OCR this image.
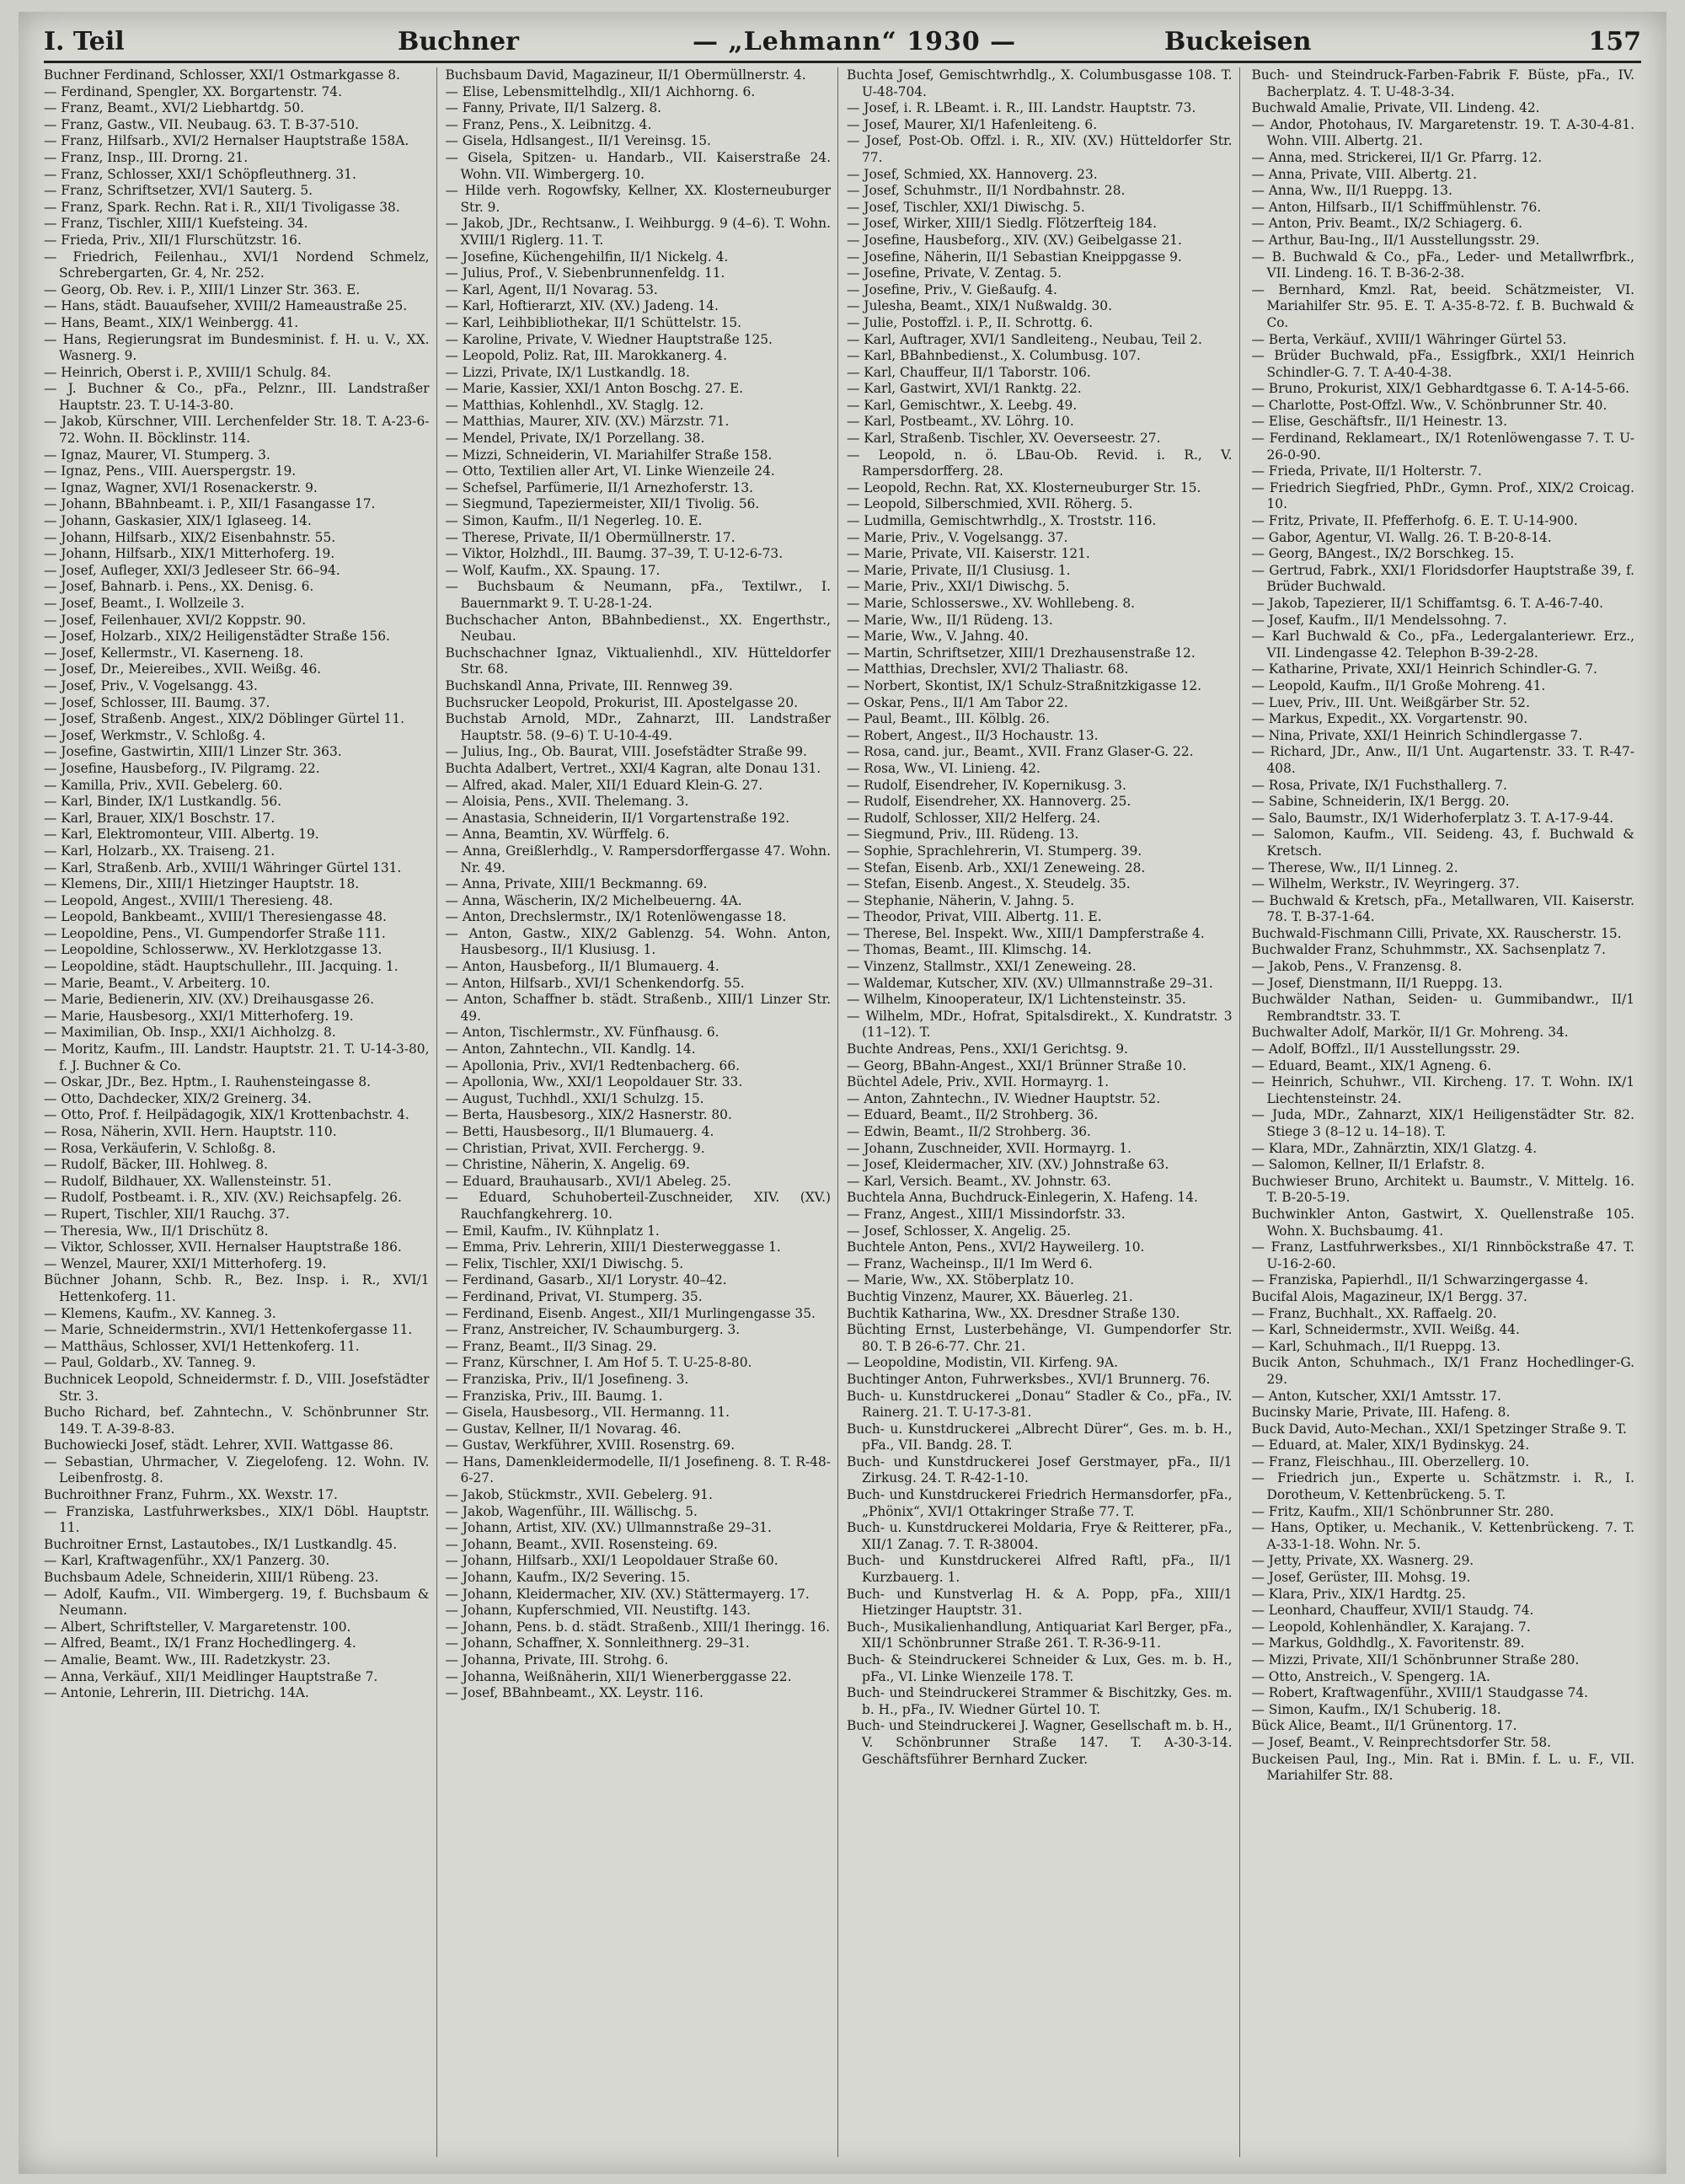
I. Teil	Buchner	— „Lehmann“ 1930 —	Buckeisen	157

Buchner Ferdinand, Schlosser, XXI/1 Ostmarkgasse 8.

— Ferdinand, Spengler, XX. Borgartenstr. 74.

— Franz, Beamt., XVI/2 Liebhartdg. 50.

— Franz, Gastw., VII. Neubaug. 63. T. B-37-510.

— Franz, Hilfsarb., XVI/2 Hernalser Hauptstraße 158A.

— Franz, Insp., III. Drorng. 21.

— Franz, Schlosser, XXI/1 Schöpfleuthnerg. 31.

— Franz, Schriftsetzer, XVI/1 Sauterg. 5.

— Franz, Spark. Rechn. Rat i. R., XII/1 Tivoligasse 38.

— Franz, Tischler, XIII/1 Kuefsteing. 34.

— Frieda, Priv., XII/1 Flurschützstr. 16.

— Friedrich, Feilenhau., XVI/1 Nordend Schmelz, Schrebergarten, Gr. 4, Nr. 252.

— Georg, Ob. Rev. i. P., XIII/1 Linzer Str. 363. E.

— Hans, städt. Bauaufseher, XVIII/2 Hameaustraße 25.

— Hans, Beamt., XIX/1 Weinbergg. 41.

— Hans, Regierungsrat im Bundesminist. f. H. u. V., XX. Wasnerg. 9.

— Heinrich, Oberst i. P., XVIII/1 Schulg. 84.

— J. Buchner & Co., pFa., Pelznr., III. Landstraßer Hauptstr. 23. T. U-14-3-80.

— Jakob, Kürschner, VIII. Lerchenfelder Str. 18. T. A-23-6-72. Wohn. II. Böcklinstr. 114.

— Ignaz, Maurer, VI. Stumperg. 3.

— Ignaz, Pens., VIII. Auerspergstr. 19.

— Ignaz, Wagner, XVI/1 Rosenackerstr. 9.

— Johann, BBahnbeamt. i. P., XII/1 Fasangasse 17.

— Johann, Gaskasier, XIX/1 Iglaseeg. 14.

— Johann, Hilfsarb., XIX/2 Eisenbahnstr. 55.

— Johann, Hilfsarb., XIX/1 Mitterhoferg. 19.

— Josef, Aufleger, XXI/3 Jedleseer Str. 66–94.

— Josef, Bahnarb. i. Pens., XX. Denisg. 6.

— Josef, Beamt., I. Wollzeile 3.

— Josef, Feilenhauer, XVI/2 Koppstr. 90.

— Josef, Holzarb., XIX/2 Heiligenstädter Straße 156.

— Josef, Kellermstr., VI. Kaserneng. 18.

— Josef, Dr., Meiereibes., XVII. Weißg. 46.

— Josef, Priv., V. Vogelsangg. 43.

— Josef, Schlosser, III. Baumg. 37.

— Josef, Straßenb. Angest., XIX/2 Döblinger Gürtel 11.

— Josef, Werkmstr., V. Schloßg. 4.

— Josefine, Gastwirtin, XIII/1 Linzer Str. 363.

— Josefine, Hausbeforg., IV. Pilgramg. 22.

— Kamilla, Priv., XVII. Gebelerg. 60.

— Karl, Binder, IX/1 Lustkandlg. 56.

— Karl, Brauer, XIX/1 Boschstr. 17.

— Karl, Elektromonteur, VIII. Albertg. 19.

— Karl, Holzarb., XX. Traiseng. 21.

— Karl, Straßenb. Arb., XVIII/1 Währinger Gürtel 131.

— Klemens, Dir., XIII/1 Hietzinger Hauptstr. 18.

— Leopold, Angest., XVIII/1 Theresieng. 48.

— Leopold, Bankbeamt., XVIII/1 Theresiengasse 48.

— Leopoldine, Pens., VI. Gumpendorfer Straße 111.

— Leopoldine, Schlosserww., XV. Herklotzgasse 13.

— Leopoldine, städt. Hauptschullehr., III. Jacquing. 1.

— Marie, Beamt., V. Arbeiterg. 10.

— Marie, Bedienerin, XIV. (XV.) Dreihausgasse 26.

— Marie, Hausbesorg., XXI/1 Mitterhoferg. 19.

— Maximilian, Ob. Insp., XXI/1 Aichholzg. 8.

— Moritz, Kaufm., III. Landstr. Hauptstr. 21. T. U-14-3-80, f. J. Buchner & Co.

— Oskar, JDr., Bez. Hptm., I. Rauhensteingasse 8.

— Otto, Dachdecker, XIX/2 Greinerg. 34.

— Otto, Prof. f. Heilpädagogik, XIX/1 Krottenbachstr. 4.

— Rosa, Näherin, XVII. Hern. Hauptstr. 110.

— Rosa, Verkäuferin, V. Schloßg. 8.

— Rudolf, Bäcker, III. Hohlweg. 8.

— Rudolf, Bildhauer, XX. Wallensteinstr. 51.

— Rudolf, Postbeamt. i. R., XIV. (XV.) Reichsapfelg. 26.

— Rupert, Tischler, XII/1 Rauchg. 37.

— Theresia, Ww., II/1 Drischütz 8.

— Viktor, Schlosser, XVII. Hernalser Hauptstraße 186.

— Wenzel, Maurer, XXI/1 Mitterhoferg. 19.

Büchner Johann, Schb. R., Bez. Insp. i. R., XVI/1 Hettenkoferg. 11.

— Klemens, Kaufm., XV. Kanneg. 3.

— Marie, Schneidermstrin., XVI/1 Hettenkofergasse 11.

— Matthäus, Schlosser, XVI/1 Hettenkoferg. 11.

— Paul, Goldarb., XV. Tanneg. 9.

Buchnicek Leopold, Schneidermstr. f. D., VIII. Josefstädter Str. 3.

Bucho Richard, bef. Zahntechn., V. Schönbrunner Str. 149. T. A-39-8-83.

Buchowiecki Josef, städt. Lehrer, XVII. Wattgasse 86.

— Sebastian, Uhrmacher, V. Ziegelofeng. 12. Wohn. IV. Leibenfrostg. 8.

Buchroithner Franz, Fuhrm., XX. Wexstr. 17.

— Franziska, Lastfuhrwerksbes., XIX/1 Döbl. Hauptstr. 11.

Buchroitner Ernst, Lastautobes., IX/1 Lustkandlg. 45.

— Karl, Kraftwagenführ., XX/1 Panzerg. 30.

Buchsbaum Adele, Schneiderin, XIII/1 Rübeng. 23.

— Adolf, Kaufm., VII. Wimbergerg. 19, f. Buchsbaum & Neumann.

— Albert, Schriftsteller, V. Margaretenstr. 100.

— Alfred, Beamt., IX/1 Franz Hochedlingerg. 4.

— Amalie, Beamt. Ww., III. Radetzkystr. 23.

— Anna, Verkäuf., XII/1 Meidlinger Hauptstraße 7.

— Antonie, Lehrerin, III. Dietrichg. 14A.

Buchsbaum David, Magazineur, II/1 Obermüllnerstr. 4.

— Elise, Lebensmittelhdlg., XII/1 Aichhorng. 6.

— Fanny, Private, II/1 Salzerg. 8.

— Franz, Pens., X. Leibnitzg. 4.

— Gisela, Hdlsangest., II/1 Vereinsg. 15.

— Gisela, Spitzen- u. Handarb., VII. Kaiserstraße 24. Wohn. VII. Wimbergerg. 10.

— Hilde verh. Rogowfsky, Kellner, XX. Klosterneuburger Str. 9.

— Jakob, JDr., Rechtsanw., I. Weihburgg. 9 (4–6). T. Wohn. XVIII/1 Riglerg. 11. T.

— Josefine, Küchengehilfin, II/1 Nickelg. 4.

— Julius, Prof., V. Siebenbrunnenfeldg. 11.

— Karl, Agent, II/1 Novarag. 53.

— Karl, Hoftierarzt, XIV. (XV.) Jadeng. 14.

— Karl, Leihbibliothekar, II/1 Schüttelstr. 15.

— Karoline, Private, V. Wiedner Hauptstraße 125.

— Leopold, Poliz. Rat, III. Marokkanerg. 4.

— Lizzi, Private, IX/1 Lustkandlg. 18.

— Marie, Kassier, XXI/1 Anton Boschg. 27. E.

— Matthias, Kohlenhdl., XV. Staglg. 12.

— Matthias, Maurer, XIV. (XV.) Märzstr. 71.

— Mendel, Private, IX/1 Porzellang. 38.

— Mizzi, Schneiderin, VI. Mariahilfer Straße 158.

— Otto, Textilien aller Art, VI. Linke Wienzeile 24.

— Schefsel, Parfümerie, II/1 Arnezhoferstr. 13.

— Siegmund, Tapeziermeister, XII/1 Tivolig. 56.

— Simon, Kaufm., II/1 Negerleg. 10. E.

— Therese, Private, II/1 Obermüllnerstr. 17.

— Viktor, Holzhdl., III. Baumg. 37–39, T. U-12-6-73.

— Wolf, Kaufm., XX. Spaung. 17.

— Buchsbaum & Neumann, pFa., Textilwr., I. Bauernmarkt 9. T. U-28-1-24.

Buchschacher Anton, BBahnbedienst., XX. Engerthstr., Neubau.

Buchschachner Ignaz, Viktualienhdl., XIV. Hütteldorfer Str. 68.

Buchskandl Anna, Private, III. Rennweg 39.

Buchsrucker Leopold, Prokurist, III. Apostelgasse 20.

Buchstab Arnold, MDr., Zahnarzt, III. Landstraßer Hauptstr. 58. (9–6) T. U-10-4-49.

— Julius, Ing., Ob. Baurat, VIII. Josefstädter Straße 99.

Buchta Adalbert, Vertret., XXI/4 Kagran, alte Donau 131.

— Alfred, akad. Maler, XII/1 Eduard Klein-G. 27.

— Aloisia, Pens., XVII. Thelemang. 3.

— Anastasia, Schneiderin, II/1 Vorgartenstraße 192.

— Anna, Beamtin, XV. Würffelg. 6.

— Anna, Greißlerhdlg., V. Rampersdorffergasse 47. Wohn. Nr. 49.

— Anna, Private, XIII/1 Beckmanng. 69.

— Anna, Wäscherin, IX/2 Michelbeuerng. 4A.

— Anton, Drechslermstr., IX/1 Rotenlöwengasse 18.

— Anton, Gastw., XIX/2 Gablenzg. 54. Wohn. Anton, Hausbesorg., II/1 Klusiusg. 1.

— Anton, Hausbeforg., II/1 Blumauerg. 4.

— Anton, Hilfsarb., XVI/1 Schenkendorfg. 55.

— Anton, Schaffner b. städt. Straßenb., XIII/1 Linzer Str. 49.

— Anton, Tischlermstr., XV. Fünfhausg. 6.

— Anton, Zahntechn., VII. Kandlg. 14.

— Apollonia, Priv., XVI/1 Redtenbacherg. 66.

— Apollonia, Ww., XXI/1 Leopoldauer Str. 33.

— August, Tuchhdl., XXI/1 Schulzg. 15.

— Berta, Hausbesorg., XIX/2 Hasnerstr. 80.

— Betti, Hausbesorg., II/1 Blumauerg. 4.

— Christian, Privat, XVII. Ferchergg. 9.

— Christine, Näherin, X. Angelig. 69.

— Eduard, Brauhausarb., XVI/1 Abeleg. 25.

— Eduard, Schuhoberteil-Zuschneider, XIV. (XV.) Rauchfangkehrerg. 10.

— Emil, Kaufm., IV. Kühnplatz 1.

— Emma, Priv. Lehrerin, XIII/1 Diesterweggasse 1.

— Felix, Tischler, XXI/1 Diwischg. 5.

— Ferdinand, Gasarb., XI/1 Lorystr. 40–42.

— Ferdinand, Privat, VI. Stumperg. 35.

— Ferdinand, Eisenb. Angest., XII/1 Murlingengasse 35.

— Franz, Anstreicher, IV. Schaumburgerg. 3.

— Franz, Beamt., II/3 Sinag. 29.

— Franz, Kürschner, I. Am Hof 5. T. U-25-8-80.

— Franziska, Priv., II/1 Josefineng. 3.

— Franziska, Priv., III. Baumg. 1.

— Gisela, Hausbesorg., VII. Hermanng. 11.

— Gustav, Kellner, II/1 Novarag. 46.

— Gustav, Werkführer, XVIII. Rosenstrg. 69.

— Hans, Damenkleidermodelle, II/1 Josefineng. 8. T. R-48-6-27.

— Jakob, Stückmstr., XVII. Gebelerg. 91.

— Jakob, Wagenführ., III. Wällischg. 5.

— Johann, Artist, XIV. (XV.) Ullmannstraße 29–31.

— Johann, Beamt., XVII. Rosensteing. 69.

— Johann, Hilfsarb., XXI/1 Leopoldauer Straße 60.

— Johann, Kaufm., IX/2 Severing. 15.

— Johann, Kleidermacher, XIV. (XV.) Stättermayerg. 17.

— Johann, Kupferschmied, VII. Neustiftg. 143.

— Johann, Pens. b. d. städt. Straßenb., XIII/1 Iheringg. 16.

— Johann, Schaffner, X. Sonnleithnerg. 29–31.

— Johanna, Private, III. Strohg. 6.

— Johanna, Weißnäherin, XII/1 Wienerberggasse 22.

— Josef, BBahnbeamt., XX. Leystr. 116.

Buchta Josef, Gemischtwrhdlg., X. Columbusgasse 108. T. U-48-704.

— Josef, i. R. LBeamt. i. R., III. Landstr. Hauptstr. 73.

— Josef, Maurer, XI/1 Hafenleiteng. 6.

— Josef, Post-Ob. Offzl. i. R., XIV. (XV.) Hütteldorfer Str. 77.

— Josef, Schmied, XX. Hannoverg. 23.

— Josef, Schuhmstr., II/1 Nordbahnstr. 28.

— Josef, Tischler, XXI/1 Diwischg. 5.

— Josef, Wirker, XIII/1 Siedlg. Flötzerfteig 184.

— Josefine, Hausbeforg., XIV. (XV.) Geibelgasse 21.

— Josefine, Näherin, II/1 Sebastian Kneippgasse 9.

— Josefine, Private, V. Zentag. 5.

— Josefine, Priv., V. Gießaufg. 4.

— Julesha, Beamt., XIX/1 Nußwaldg. 30.

— Julie, Postoffzl. i. P., II. Schrottg. 6.

— Karl, Auftrager, XVI/1 Sandleiteng., Neubau, Teil 2.

— Karl, BBahnbedienst., X. Columbusg. 107.

— Karl, Chauffeur, II/1 Taborstr. 106.

— Karl, Gastwirt, XVI/1 Ranktg. 22.

— Karl, Gemischtwr., X. Leebg. 49.

— Karl, Postbeamt., XV. Löhrg. 10.

— Karl, Straßenb. Tischler, XV. Oeverseestr. 27.

— Leopold, n. ö. LBau-Ob. Revid. i. R., V. Rampersdorfferg. 28.

— Leopold, Rechn. Rat, XX. Klosterneuburger Str. 15.

— Leopold, Silberschmied, XVII. Röherg. 5.

— Ludmilla, Gemischtwrhdlg., X. Troststr. 116.

— Marie, Priv., V. Vogelsangg. 37.

— Marie, Private, VII. Kaiserstr. 121.

— Marie, Private, II/1 Clusiusg. 1.

— Marie, Priv., XXI/1 Diwischg. 5.

— Marie, Schlosserswe., XV. Wohllebeng. 8.

— Marie, Ww., II/1 Rüdeng. 13.

— Marie, Ww., V. Jahng. 40.

— Martin, Schriftsetzer, XIII/1 Drezhausenstraße 12.

— Matthias, Drechsler, XVI/2 Thaliastr. 68.

— Norbert, Skontist, IX/1 Schulz-Straßnitzkigasse 12.

— Oskar, Pens., II/1 Am Tabor 22.

— Paul, Beamt., III. Kölblg. 26.

— Robert, Angest., II/3 Hochaustr. 13.

— Rosa, cand. jur., Beamt., XVII. Franz Glaser-G. 22.

— Rosa, Ww., VI. Linieng. 42.

— Rudolf, Eisendreher, IV. Kopernikusg. 3.

— Rudolf, Eisendreher, XX. Hannoverg. 25.

— Rudolf, Schlosser, XII/2 Helferg. 24.

— Siegmund, Priv., III. Rüdeng. 13.

— Sophie, Sprachlehrerin, VI. Stumperg. 39.

— Stefan, Eisenb. Arb., XXI/1 Zeneweing. 28.

— Stefan, Eisenb. Angest., X. Steudelg. 35.

— Stephanie, Näherin, V. Jahng. 5.

— Theodor, Privat, VIII. Albertg. 11. E.

— Therese, Bel. Inspekt. Ww., XIII/1 Dampferstraße 4.

— Thomas, Beamt., III. Klimschg. 14.

— Vinzenz, Stallmstr., XXI/1 Zeneweing. 28.

— Waldemar, Kutscher, XIV. (XV.) Ullmannstraße 29–31.

— Wilhelm, Kinooperateur, IX/1 Lichtensteinstr. 35.

— Wilhelm, MDr., Hofrat, Spitalsdirekt., X. Kundratstr. 3 (11–12). T.

Buchte Andreas, Pens., XXI/1 Gerichtsg. 9.

— Georg, BBahn-Angest., XXI/1 Brünner Straße 10.

Büchtel Adele, Priv., XVII. Hormayrg. 1.

— Anton, Zahntechn., IV. Wiedner Hauptstr. 52.

— Eduard, Beamt., II/2 Strohberg. 36.

— Edwin, Beamt., II/2 Strohberg. 36.

— Johann, Zuschneider, XVII. Hormayrg. 1.

— Josef, Kleidermacher, XIV. (XV.) Johnstraße 63.

— Karl, Versich. Beamt., XV. Johnstr. 63.

Buchtela Anna, Buchdruck-Einlegerin, X. Hafeng. 14.

— Franz, Angest., XIII/1 Missindorfstr. 33.

— Josef, Schlosser, X. Angelig. 25.

Buchtele Anton, Pens., XVI/2 Hayweilerg. 10.

— Franz, Wacheinsp., II/1 Im Werd 6.

— Marie, Ww., XX. Stöberplatz 10.

Buchtig Vinzenz, Maurer, XX. Bäuerleg. 21.

Buchtik Katharina, Ww., XX. Dresdner Straße 130.

Büchting Ernst, Lusterbehänge, VI. Gumpendorfer Str. 80. T. B 26-6-77. Chr. 21.

— Leopoldine, Modistin, VII. Kirfeng. 9A.

Buchtinger Anton, Fuhrwerksbes., XVI/1 Brunnerg. 76.

Buch- u. Kunstdruckerei „Donau“ Stadler & Co., pFa., IV. Rainerg. 21. T. U-17-3-81.

Buch- u. Kunstdruckerei „Albrecht Dürer“, Ges. m. b. H., pFa., VII. Bandg. 28. T.

Buch- und Kunstdruckerei Josef Gerstmayer, pFa., II/1 Zirkusg. 24. T. R-42-1-10.

Buch- und Kunstdruckerei Friedrich Hermansdorfer, pFa., „Phönix“, XVI/1 Ottakringer Straße 77. T.

Buch- u. Kunstdruckerei Moldaria, Frye & Reitterer, pFa., XII/1 Zanag. 7. T. R-38004.

Buch- und Kunstdruckerei Alfred Raftl, pFa., II/1 Kurzbauerg. 1.

Buch- und Kunstverlag H. & A. Popp, pFa., XIII/1 Hietzinger Hauptstr. 31.

Buch-, Musikalienhandlung, Antiquariat Karl Berger, pFa., XII/1 Schönbrunner Straße 261. T. R-36-9-11.

Buch- & Steindruckerei Schneider & Lux, Ges. m. b. H., pFa., VI. Linke Wienzeile 178. T.

Buch- und Steindruckerei Strammer & Bischitzky, Ges. m. b. H., pFa., IV. Wiedner Gürtel 10. T.

Buch- und Steindruckerei J. Wagner, Gesellschaft m. b. H., V. Schönbrunner Straße 147. T. A-30-3-14. Geschäftsführer Bernhard Zucker.

Buch- und Steindruck-Farben-Fabrik F. Büste, pFa., IV. Bacherplatz. 4. T. U-48-3-34.

Buchwald Amalie, Private, VII. Lindeng. 42.

— Andor, Photohaus, IV. Margaretenstr. 19. T. A-30-4-81. Wohn. VIII. Albertg. 21.

— Anna, med. Strickerei, II/1 Gr. Pfarrg. 12.

— Anna, Private, VIII. Albertg. 21.

— Anna, Ww., II/1 Rueppg. 13.

— Anton, Hilfsarb., II/1 Schiffmühlenstr. 76.

— Anton, Priv. Beamt., IX/2 Schiagerg. 6.

— Arthur, Bau-Ing., II/1 Ausstellungsstr. 29.

— B. Buchwald & Co., pFa., Leder- und Metallwrfbrk., VII. Lindeng. 16. T. B-36-2-38.

— Bernhard, Kmzl. Rat, beeid. Schätzmeister, VI. Mariahilfer Str. 95. E. T. A-35-8-72. f. B. Buchwald & Co.

— Berta, Verkäuf., XVIII/1 Währinger Gürtel 53.

— Brüder Buchwald, pFa., Essigfbrk., XXI/1 Heinrich Schindler-G. 7. T. A-40-4-38.

— Bruno, Prokurist, XIX/1 Gebhardtgasse 6. T. A-14-5-66.

— Charlotte, Post-Offzl. Ww., V. Schönbrunner Str. 40.

— Elise, Geschäftsfr., II/1 Heinestr. 13.

— Ferdinand, Reklameart., IX/1 Rotenlöwengasse 7. T. U-26-0-90.

— Frieda, Private, II/1 Holterstr. 7.

— Friedrich Siegfried, PhDr., Gymn. Prof., XIX/2 Croicag. 10.

— Fritz, Private, II. Pfefferhofg. 6. E. T. U-14-900.

— Gabor, Agentur, VI. Wallg. 26. T. B-20-8-14.

— Georg, BAngest., IX/2 Borschkeg. 15.

— Gertrud, Fabrk., XXI/1 Floridsdorfer Hauptstraße 39, f. Brüder Buchwald.

— Jakob, Tapezierer, II/1 Schiffamtsg. 6. T. A-46-7-40.

— Josef, Kaufm., II/1 Mendelssohng. 7.

— Karl Buchwald & Co., pFa., Ledergalanteriewr. Erz., VII. Lindengasse 42. Telephon B-39-2-28.

— Katharine, Private, XXI/1 Heinrich Schindler-G. 7.

— Leopold, Kaufm., II/1 Große Mohreng. 41.

— Luev, Priv., III. Unt. Weißgärber Str. 52.

— Markus, Expedit., XX. Vorgartenstr. 90.

— Nina, Private, XXI/1 Heinrich Schindlergasse 7.

— Richard, JDr., Anw., II/1 Unt. Augartenstr. 33. T. R-47-408.

— Rosa, Private, IX/1 Fuchsthallerg. 7.

— Sabine, Schneiderin, IX/1 Bergg. 20.

— Salo, Baumstr., IX/1 Widerhoferplatz 3. T. A-17-9-44.

— Salomon, Kaufm., VII. Seideng. 43, f. Buchwald & Kretsch.

— Therese, Ww., II/1 Linneg. 2.

— Wilhelm, Werkstr., IV. Weyringerg. 37.

— Buchwald & Kretsch, pFa., Metallwaren, VII. Kaiserstr. 78. T. B-37-1-64.

Buchwald-Fischmann Cilli, Private, XX. Rauscherstr. 15.

Buchwalder Franz, Schuhmmstr., XX. Sachsenplatz 7.

— Jakob, Pens., V. Franzensg. 8.

— Josef, Dienstmann, II/1 Rueppg. 13.

Buchwälder Nathan, Seiden- u. Gummibandwr., II/1 Rembrandtstr. 33. T.

Buchwalter Adolf, Markör, II/1 Gr. Mohreng. 34.

— Adolf, BOffzl., II/1 Ausstellungsstr. 29.

— Eduard, Beamt., XIX/1 Agneng. 6.

— Heinrich, Schuhwr., VII. Kircheng. 17. T. Wohn. IX/1 Liechtensteinstr. 24.

— Juda, MDr., Zahnarzt, XIX/1 Heiligenstädter Str. 82. Stiege 3 (8–12 u. 14–18). T.

— Klara, MDr., Zahnärztin, XIX/1 Glatzg. 4.

— Salomon, Kellner, II/1 Erlafstr. 8.

Buchwieser Bruno, Architekt u. Baumstr., V. Mittelg. 16. T. B-20-5-19.

Buchwinkler Anton, Gastwirt, X. Quellenstraße 105. Wohn. X. Buchsbaumg. 41.

— Franz, Lastfuhrwerksbes., XI/1 Rinnböckstraße 47. T. U-16-2-60.

— Franziska, Papierhdl., II/1 Schwarzingergasse 4.

Bucifal Alois, Magazineur, IX/1 Bergg. 37.

— Franz, Buchhalt., XX. Raffaelg. 20.

— Karl, Schneidermstr., XVII. Weißg. 44.

— Karl, Schuhmach., II/1 Rueppg. 13.

Bucik Anton, Schuhmach., IX/1 Franz Hochedlinger-G. 29.

— Anton, Kutscher, XXI/1 Amtsstr. 17.

Bucinsky Marie, Private, III. Hafeng. 8.

Buck David, Auto-Mechan., XXI/1 Spetzinger Straße 9. T.

— Eduard, at. Maler, XIX/1 Bydinskyg. 24.

— Franz, Fleischhau., III. Oberzellerg. 10.

— Friedrich jun., Experte u. Schätzmstr. i. R., I. Dorotheum, V. Kettenbrückeng. 5. T.

— Fritz, Kaufm., XII/1 Schönbrunner Str. 280.

— Hans, Optiker, u. Mechanik., V. Kettenbrückeng. 7. T. A-33-1-18. Wohn. Nr. 5.

— Jetty, Private, XX. Wasnerg. 29.

— Josef, Gerüster, III. Mohsg. 19.

— Klara, Priv., XIX/1 Hardtg. 25.

— Leonhard, Chauffeur, XVII/1 Staudg. 74.

— Leopold, Kohlenhändler, X. Karajang. 7.

— Markus, Goldhdlg., X. Favoritenstr. 89.

— Mizzi, Private, XII/1 Schönbrunner Straße 280.

— Otto, Anstreich., V. Spengerg. 1A.

— Robert, Kraftwagenführ., XVIII/1 Staudgasse 74.

— Simon, Kaufm., IX/1 Schuberig. 18.

Bück Alice, Beamt., II/1 Grünentorg. 17.

— Josef, Beamt., V. Reinprechtsdorfer Str. 58.

Buckeisen Paul, Ing., Min. Rat i. BMin. f. L. u. F., VII. Mariahilfer Str. 88.
